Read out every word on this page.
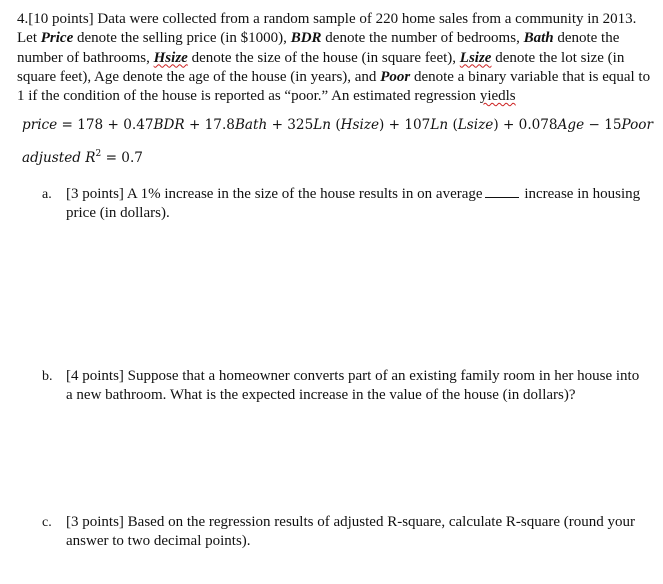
4.[10 points] Data were collected from a random sample of 220 home sales from a community in 2013. Let Price denote the selling price (in $1000), BDR denote the number of bedrooms, Bath denote the number of bathrooms, Hsize denote the size of the house (in square feet), Lsize denote the lot size (in square feet), Age denote the age of the house (in years), and Poor denote a binary variable that is equal to 1 if the condition of the house is reported as “poor.” An estimated regression yiedls

price = 178 + 0.47BDR + 17.8Bath + 325Ln (Hsize) + 107Ln (Lsize) + 0.078Age − 15Poor
adjusted $R^2 = 0.7$
a. [3 points] A 1% increase in the size of the house results in on average	increase in housing price (in dollars).
b. [4 points] Suppose that a homeowner converts part of an existing family room in her house into a new bathroom. What is the expected increase in the value of the house (in dollars)?
c. [3 points] Based on the regression results of adjusted R-square, calculate R-square (round your answer to two decimal points).
